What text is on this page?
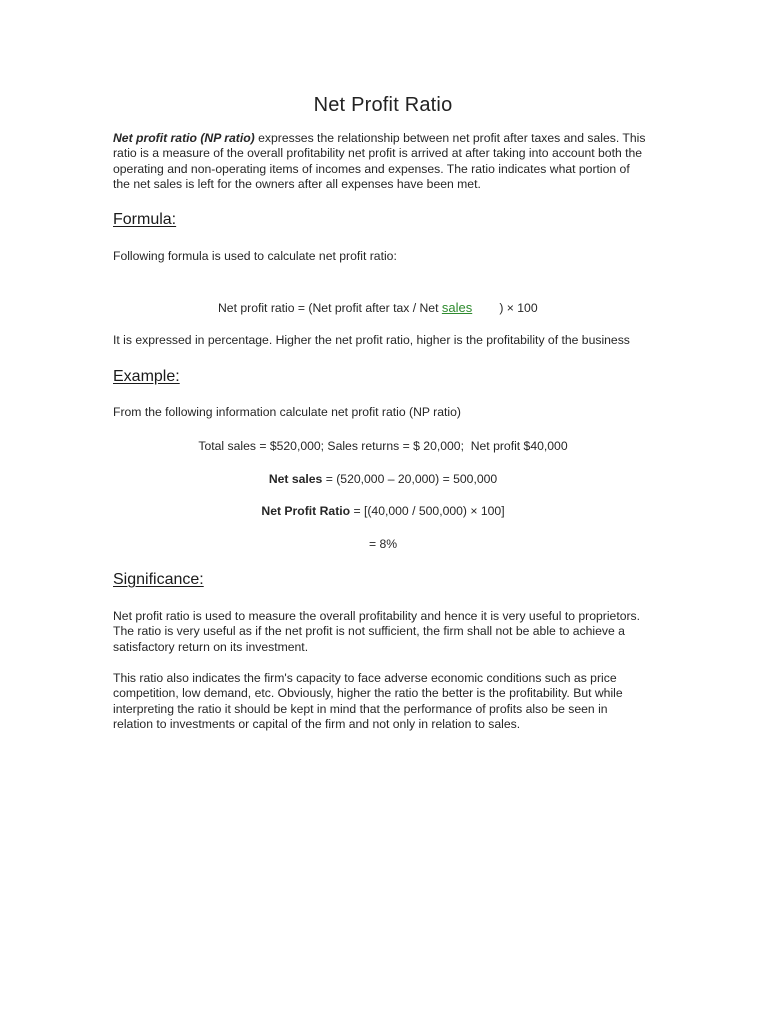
Net Profit Ratio

Net profit ratio (NP ratio) expresses the relationship between net profit after taxes and sales. This ratio is a measure of the overall profitability net profit is arrived at after taking into account both the operating and non-operating items of incomes and expenses. The ratio indicates what portion of the net sales is left for the owners after all expenses have been met.

Formula:

Following formula is used to calculate net profit ratio:

Net profit ratio = (Net profit after tax / Net sales        ) × 100

It is expressed in percentage. Higher the net profit ratio, higher is the profitability of the business

Example:

From the following information calculate net profit ratio (NP ratio)

Total sales = $520,000; Sales returns = $ 20,000;  Net profit $40,000
Net sales = (520,000 – 20,000) = 500,000
Net Profit Ratio = [(40,000 / 500,000) × 100]
= 8%
Significance:

Net profit ratio is used to measure the overall profitability and hence it is very useful to proprietors. The ratio is very useful as if the net profit is not sufficient, the firm shall not be able to achieve a satisfactory return on its investment.

This ratio also indicates the firm's capacity to face adverse economic conditions such as price competition, low demand, etc. Obviously, higher the ratio the better is the profitability. But while interpreting the ratio it should be kept in mind that the performance of profits also be seen in relation to investments or capital of the firm and not only in relation to sales.
